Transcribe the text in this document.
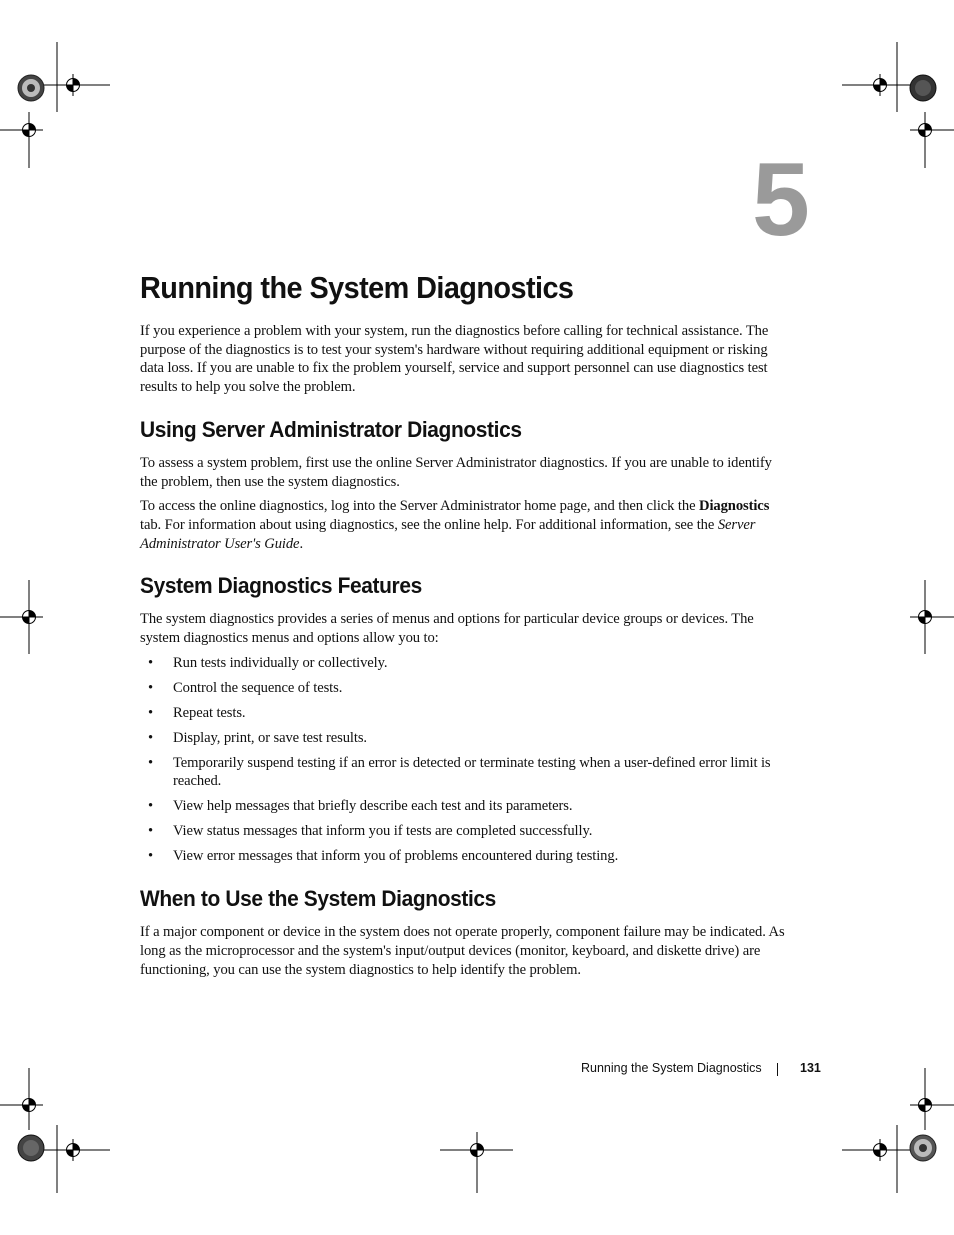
5
Running the System Diagnostics

If you experience a problem with your system, run the diagnostics before calling for technical assistance. The purpose of the diagnostics is to test your system's hardware without requiring additional equipment or risking data loss. If you are unable to fix the problem yourself, service and support personnel can use diagnostics test results to help you solve the problem.

Using Server Administrator Diagnostics

To assess a system problem, first use the online Server Administrator diagnostics. If you are unable to identify the problem, then use the system diagnostics.

To access the online diagnostics, log into the Server Administrator home page, and then click the Diagnostics tab. For information about using diagnostics, see the online help. For additional information, see the Server Administrator User's Guide.

System Diagnostics Features

The system diagnostics provides a series of menus and options for particular device groups or devices. The system diagnostics menus and options allow you to:

• Run tests individually or collectively.
• Control the sequence of tests.
• Repeat tests.
• Display, print, or save test results.
• Temporarily suspend testing if an error is detected or terminate testing when a user-defined error limit is reached.
• View help messages that briefly describe each test and its parameters.
• View status messages that inform you if tests are completed successfully.
• View error messages that inform you of problems encountered during testing.
When to Use the System Diagnostics

If a major component or device in the system does not operate properly, component failure may be indicated. As long as the microprocessor and the system's input/output devices (monitor, keyboard, and diskette drive) are functioning, you can use the system diagnostics to help identify the problem.

Running the System Diagnostics	131
